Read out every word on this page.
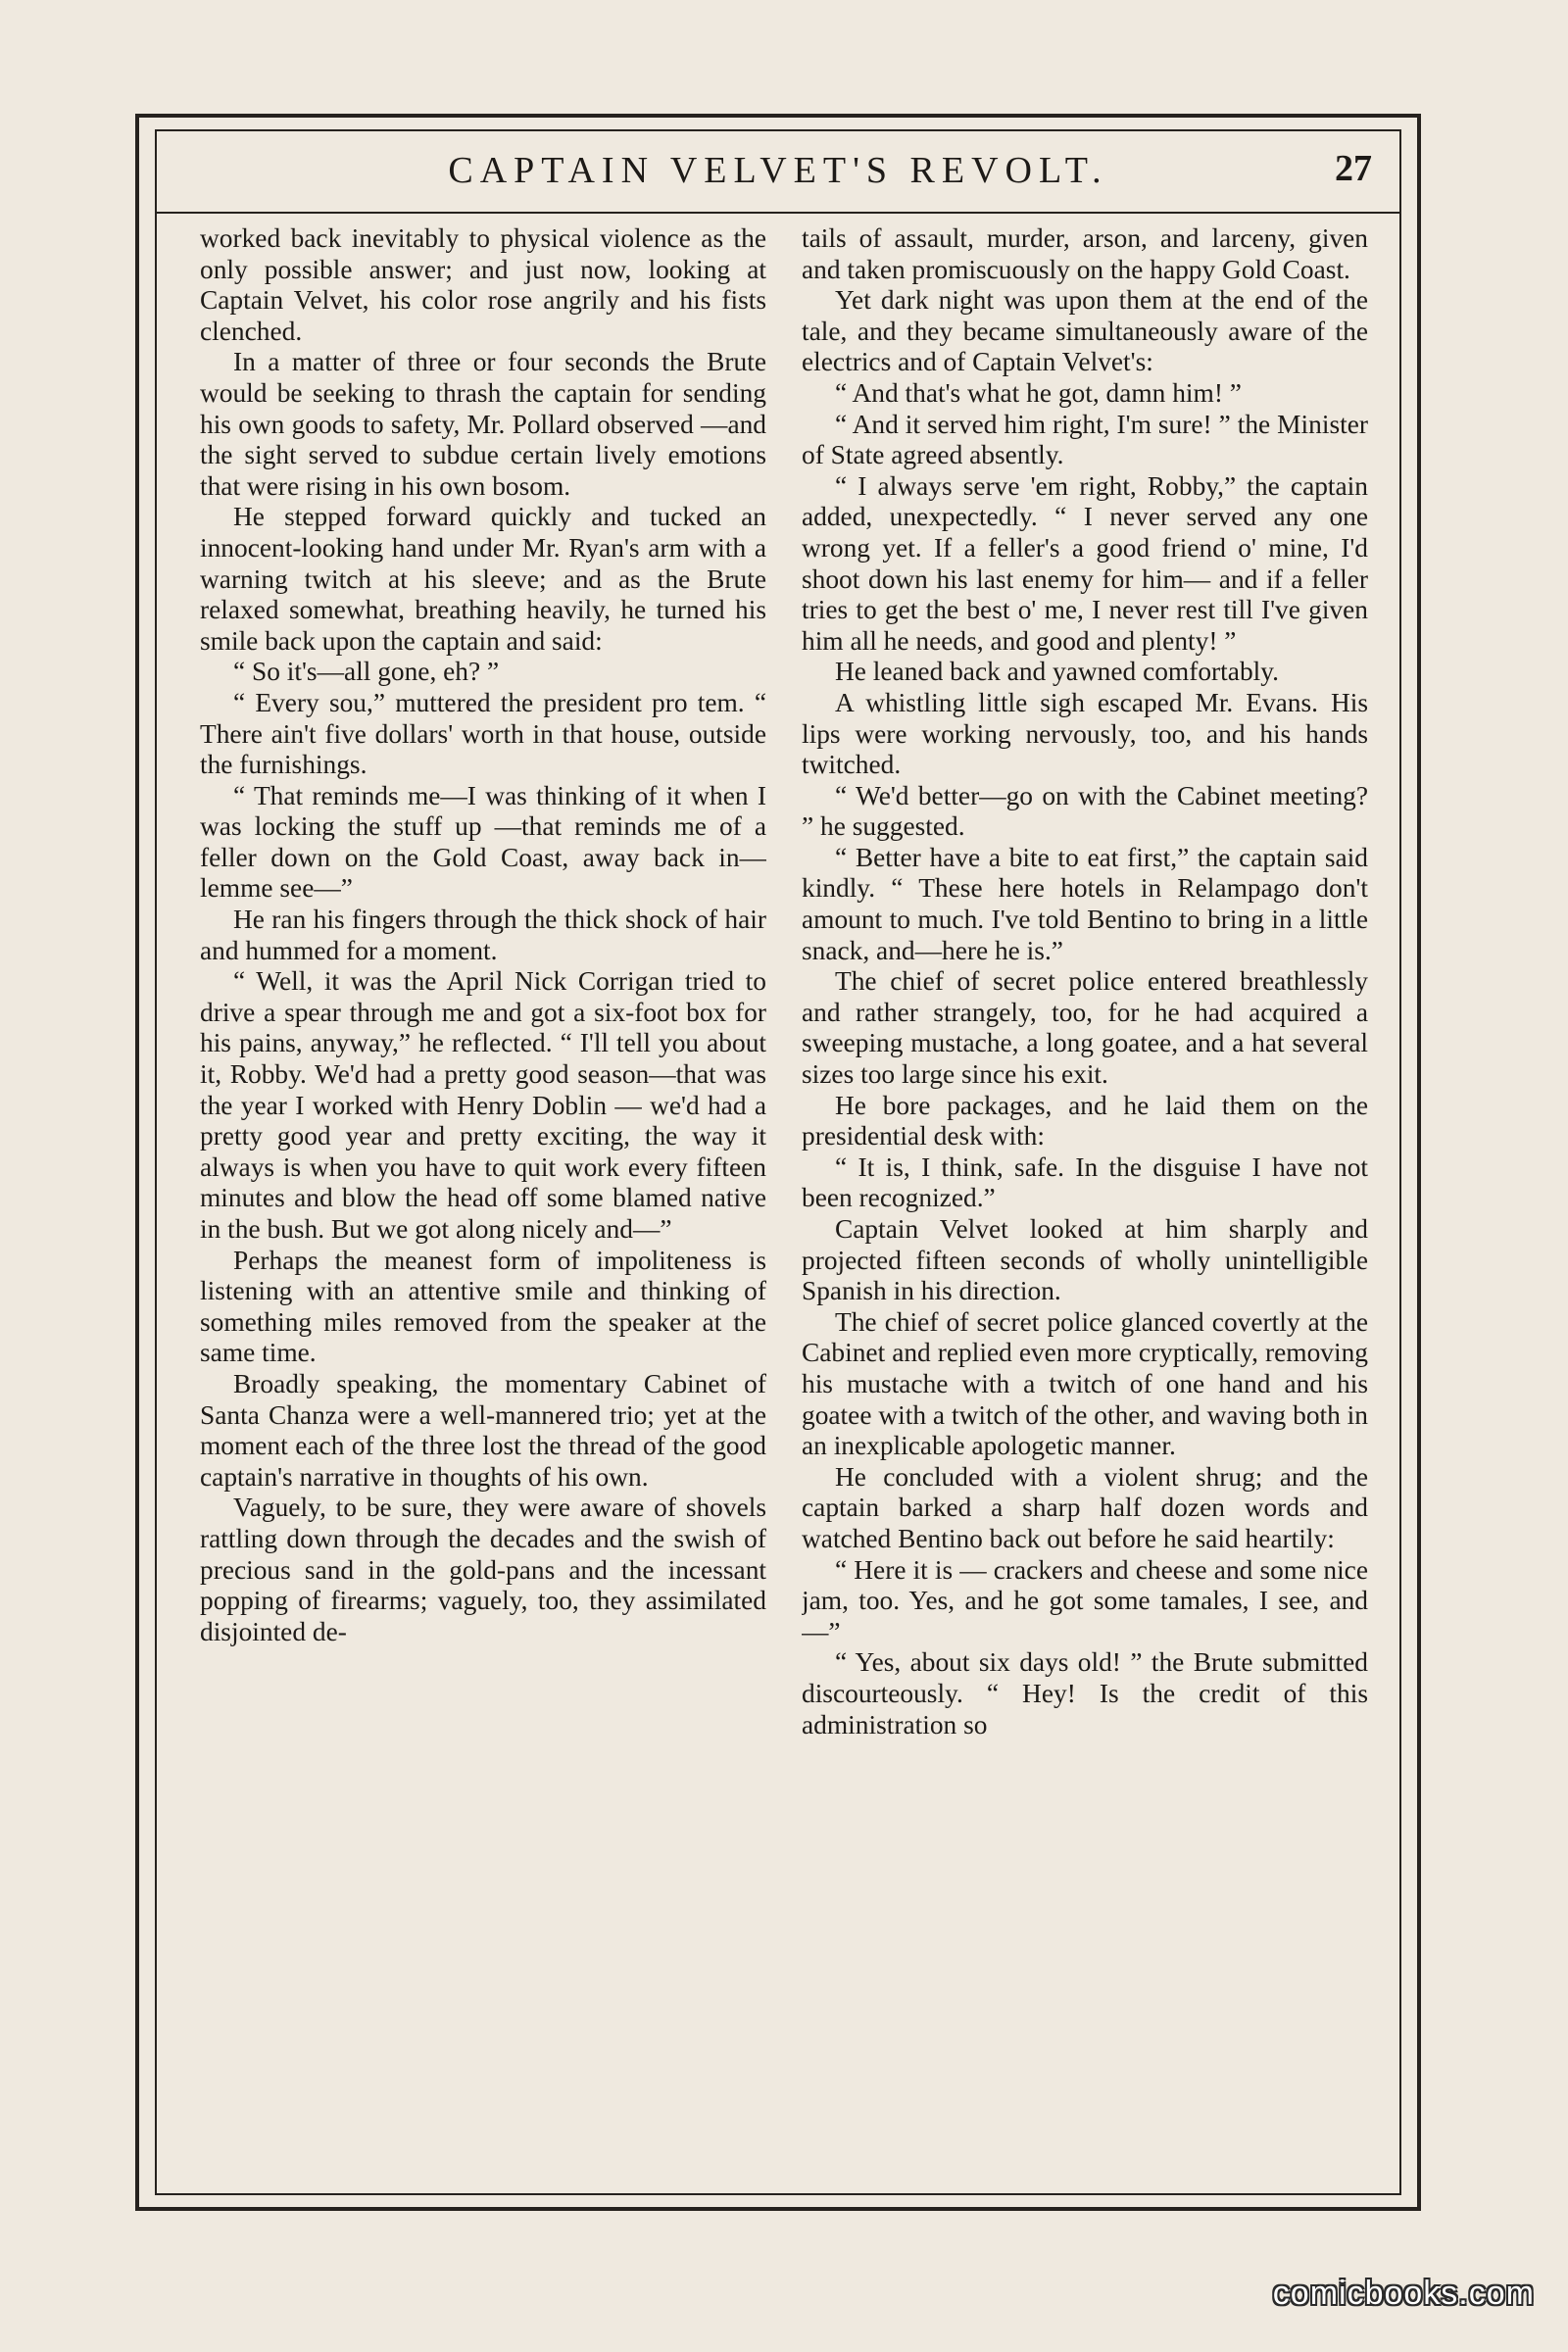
CAPTAIN VELVET'S REVOLT.	27

worked back inevitably to physical violence as the only possible answer; and just now, looking at Captain Velvet, his color rose angrily and his fists clenched.

In a matter of three or four seconds the Brute would be seeking to thrash the captain for sending his own goods to safety, Mr. Pollard observed —and the sight served to subdue certain lively emotions that were rising in his own bosom.

He stepped forward quickly and tucked an innocent-looking hand under Mr. Ryan's arm with a warning twitch at his sleeve; and as the Brute relaxed somewhat, breathing heavily, he turned his smile back upon the captain and said:

“ So it's—all gone, eh? ”

“ Every sou,” muttered the president pro tem. “ There ain't five dollars' worth in that house, outside the furnishings.

“ That reminds me—I was thinking of it when I was locking the stuff up —that reminds me of a feller down on the Gold Coast, away back in—lemme see—”

He ran his fingers through the thick shock of hair and hummed for a moment.

“ Well, it was the April Nick Corrigan tried to drive a spear through me and got a six-foot box for his pains, anyway,” he reflected. “ I'll tell you about it, Robby. We'd had a pretty good season—that was the year I worked with Henry Doblin — we'd had a pretty good year and pretty exciting, the way it always is when you have to quit work every fifteen minutes and blow the head off some blamed native in the bush. But we got along nicely and—”

Perhaps the meanest form of impoliteness is listening with an attentive smile and thinking of something miles removed from the speaker at the same time.

Broadly speaking, the momentary Cabinet of Santa Chanza were a well-mannered trio; yet at the moment each of the three lost the thread of the good captain's narrative in thoughts of his own.

Vaguely, to be sure, they were aware of shovels rattling down through the decades and the swish of precious sand in the gold-pans and the incessant popping of firearms; vaguely, too, they assimilated disjointed de-

tails of assault, murder, arson, and larceny, given and taken promiscuously on the happy Gold Coast.

Yet dark night was upon them at the end of the tale, and they became simultaneously aware of the electrics and of Captain Velvet's:

“ And that's what he got, damn him! ”

“ And it served him right, I'm sure! ” the Minister of State agreed absently.

“ I always serve 'em right, Robby,” the captain added, unexpectedly. “ I never served any one wrong yet. If a feller's a good friend o' mine, I'd shoot down his last enemy for him— and if a feller tries to get the best o' me, I never rest till I've given him all he needs, and good and plenty! ”

He leaned back and yawned comfortably.

A whistling little sigh escaped Mr. Evans. His lips were working nervously, too, and his hands twitched.

“ We'd better—go on with the Cabinet meeting? ” he suggested.

“ Better have a bite to eat first,” the captain said kindly. “ These here hotels in Relampago don't amount to much. I've told Bentino to bring in a little snack, and—here he is.”

The chief of secret police entered breathlessly and rather strangely, too, for he had acquired a sweeping mustache, a long goatee, and a hat several sizes too large since his exit.

He bore packages, and he laid them on the presidential desk with:

“ It is, I think, safe. In the disguise I have not been recognized.”

Captain Velvet looked at him sharply and projected fifteen seconds of wholly unintelligible Spanish in his direction.

The chief of secret police glanced covertly at the Cabinet and replied even more cryptically, removing his mustache with a twitch of one hand and his goatee with a twitch of the other, and waving both in an inexplicable apologetic manner.

He concluded with a violent shrug; and the captain barked a sharp half dozen words and watched Bentino back out before he said heartily:

“ Here it is — crackers and cheese and some nice jam, too. Yes, and he got some tamales, I see, and—”

“ Yes, about six days old! ” the Brute submitted discourteously. “ Hey! Is the credit of this administration so

comicbooks.com
